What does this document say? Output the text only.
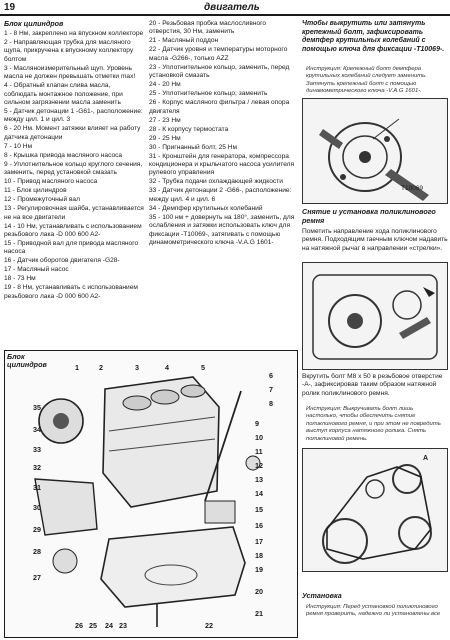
19	двигатель
Блок цилиндров

1 - 8 Нм, закреплено на впускном коллекторе

2 - Направляющая трубка для масляного щупа, прикручена к впускному коллектору болтом

3 - Масляноизмерительный щуп. Уровень масла не должен превышать отметки max!

4 - Обратный клапан слива масла, соблюдать монтажное положение, при сильном загрязнении масла заменить

5 - Датчик детонации 1 -G61-, расположение: между цил. 1 и цил. 3

6 - 20 Нм. Момент затяжки влияет на работу датчика детонации

7 - 10 Нм

8 - Крышка привода масляного насоса

9 - Уплотнительное кольцо круглого сечения, заменить, перед установкой смазать

10 - Привод масляного насоса

11 - Блок цилиндров

12 - Промежуточный вал

13 - Регулировочная шайба, устанавливается не на все двигатели

14 - 10 Нм, устанавливать с использованием резьбового лака -D 000 600 A2-

15 - Приводной вал для привода масляного насоса

16 - Датчик оборотов двигателя -G28-

17 - Масляный насос

18 - 73 Нм

19 - 8 Нм, устанавливать с использованием резьбового лака -D 000 600 A2-

20 - Резьбовая пробка маслосливного отверстия, 30 Нм, заменить

21 - Масляный поддон

22 - Датчик уровня и температуры моторного масла -G266-, только AZZ

23 - Уплотнительное кольцо, заменить, перед установкой смазать

24 - 20 Нм

25 - Уплотнительное кольцо; заменить

26 - Корпус масляного фильтра / левая опора двигателя

27 - 23 Нм

28 - К корпусу термостата

29 - 25 Нм

30 - Пригнанный болт, 25 Нм

31 - Кронштейн для генератора, компрессора кондиционера и крыльчатого насоса усилителя рулевого управления

32 - Трубка подачи охлаждающей жидкости

33 - Датчик детонации 2 -G66-, расположение: между цил. 4 и цил. 6

34 - Демпфер крутильных колебаний

35 - 100 нм + довернуть на 180°, заменить, для ослабления и затяжки использовать ключ для фиксации -T10069-, затягивать с помощью динамометрического ключа -V.A.G 1601-

Чтобы выкрутить или затянуть крепежный болт, зафиксировать демпфер крутильных колебаний с помощью ключа для фиксации -T10069-.
Инструкция: Крепежный болт демпфера крутильных колебаний следует заменить. Затянуть крепежный болт с помощью динамометрического ключа -V.A.G 1601-.
T10069
Снятие и установка поликлинового ремня
Пометить направление хода поликлинового ремня. Подходящим гаечным ключом надавить на натяжной рычаг в направлении «стрелки».
Вкрутить болт M8 x 50 в резьбовое отверстие -А-, зафиксировав таким образом натяжной ролик поликлинового ремня.
Инструкция: Выкручивать болт лишь настолько, чтобы обеспечить снятие поликлинового ремня, и при этом не повредить выступ корпуса натяжного ролика. Снять поликлиновой ремень.
A
Установка
Инструкция: Перед установкой поликлинового ремня проверить, надежно ли установлены все
Блок
цилиндров
35
34
33
32
31
30
29
28
27
26 25 24 23	22
21
20
19
18
17
16
15
14
13
12
11
10
9
8
7
6
5
4
3
2
1
